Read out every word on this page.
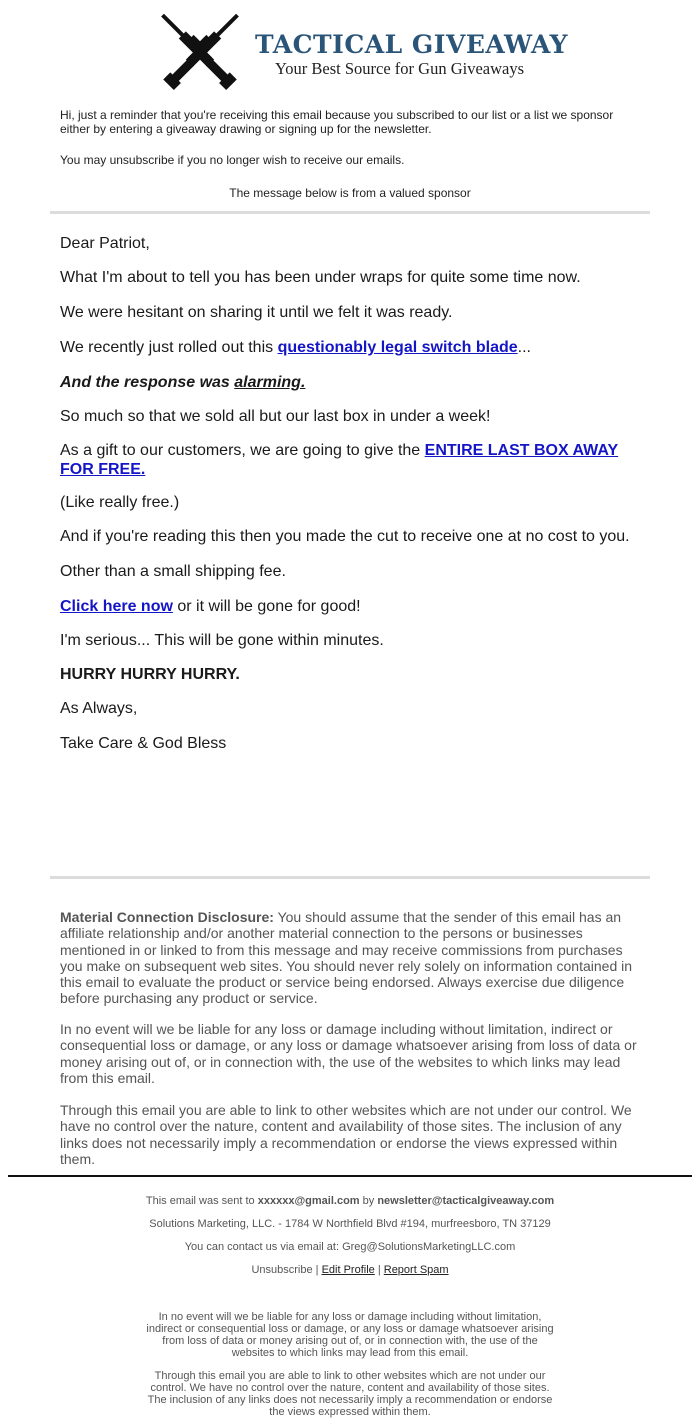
TACTICAL GIVEAWAY
Your Best Source for Gun Giveaways
Hi, just a reminder that you're receiving this email because you subscribed to our list or a list we sponsor either by entering a giveaway drawing or signing up for the newsletter.
You may unsubscribe if you no longer wish to receive our emails.
The message below is from a valued sponsor

Dear Patriot,

What I'm about to tell you has been under wraps for quite some time now.

We were hesitant on sharing it until we felt it was ready.

We recently just rolled out this questionably legal switch blade...

And the response was alarming.

So much so that we sold all but our last box in under a week!

As a gift to our customers, we are going to give the ENTIRE LAST BOX AWAY FOR FREE.

(Like really free.)

And if you're reading this then you made the cut to receive one at no cost to you.

Other than a small shipping fee.

Click here now or it will be gone for good!

I'm serious... This will be gone within minutes.

HURRY HURRY HURRY.

As Always,

Take Care & God Bless

Material Connection Disclosure: You should assume that the sender of this email has an affiliate relationship and/or another material connection to the persons or businesses mentioned in or linked to from this message and may receive commissions from purchases you make on subsequent web sites. You should never rely solely on information contained in this email to evaluate the product or service being endorsed. Always exercise due diligence before purchasing any product or service.
In no event will we be liable for any loss or damage including without limitation, indirect or consequential loss or damage, or any loss or damage whatsoever arising from loss of data or money arising out of, or in connection with, the use of the websites to which links may lead from this email.
Through this email you are able to link to other websites which are not under our control. We have no control over the nature, content and availability of those sites. The inclusion of any links does not necessarily imply a recommendation or endorse the views expressed within them.
This email was sent to xxxxxx@gmail.com by newsletter@tacticalgiveaway.com
Solutions Marketing, LLC. - 1784 W Northfield Blvd #194, murfreesboro, TN 37129
You can contact us via email at: Greg@SolutionsMarketingLLC.com
Unsubscribe | Edit Profile | Report Spam
In no event will we be liable for any loss or damage including without limitation, indirect or consequential loss or damage, or any loss or damage whatsoever arising from loss of data or money arising out of, or in connection with, the use of the websites to which links may lead from this email.
Through this email you are able to link to other websites which are not under our control. We have no control over the nature, content and availability of those sites. The inclusion of any links does not necessarily imply a recommendation or endorse the views expressed within them.
